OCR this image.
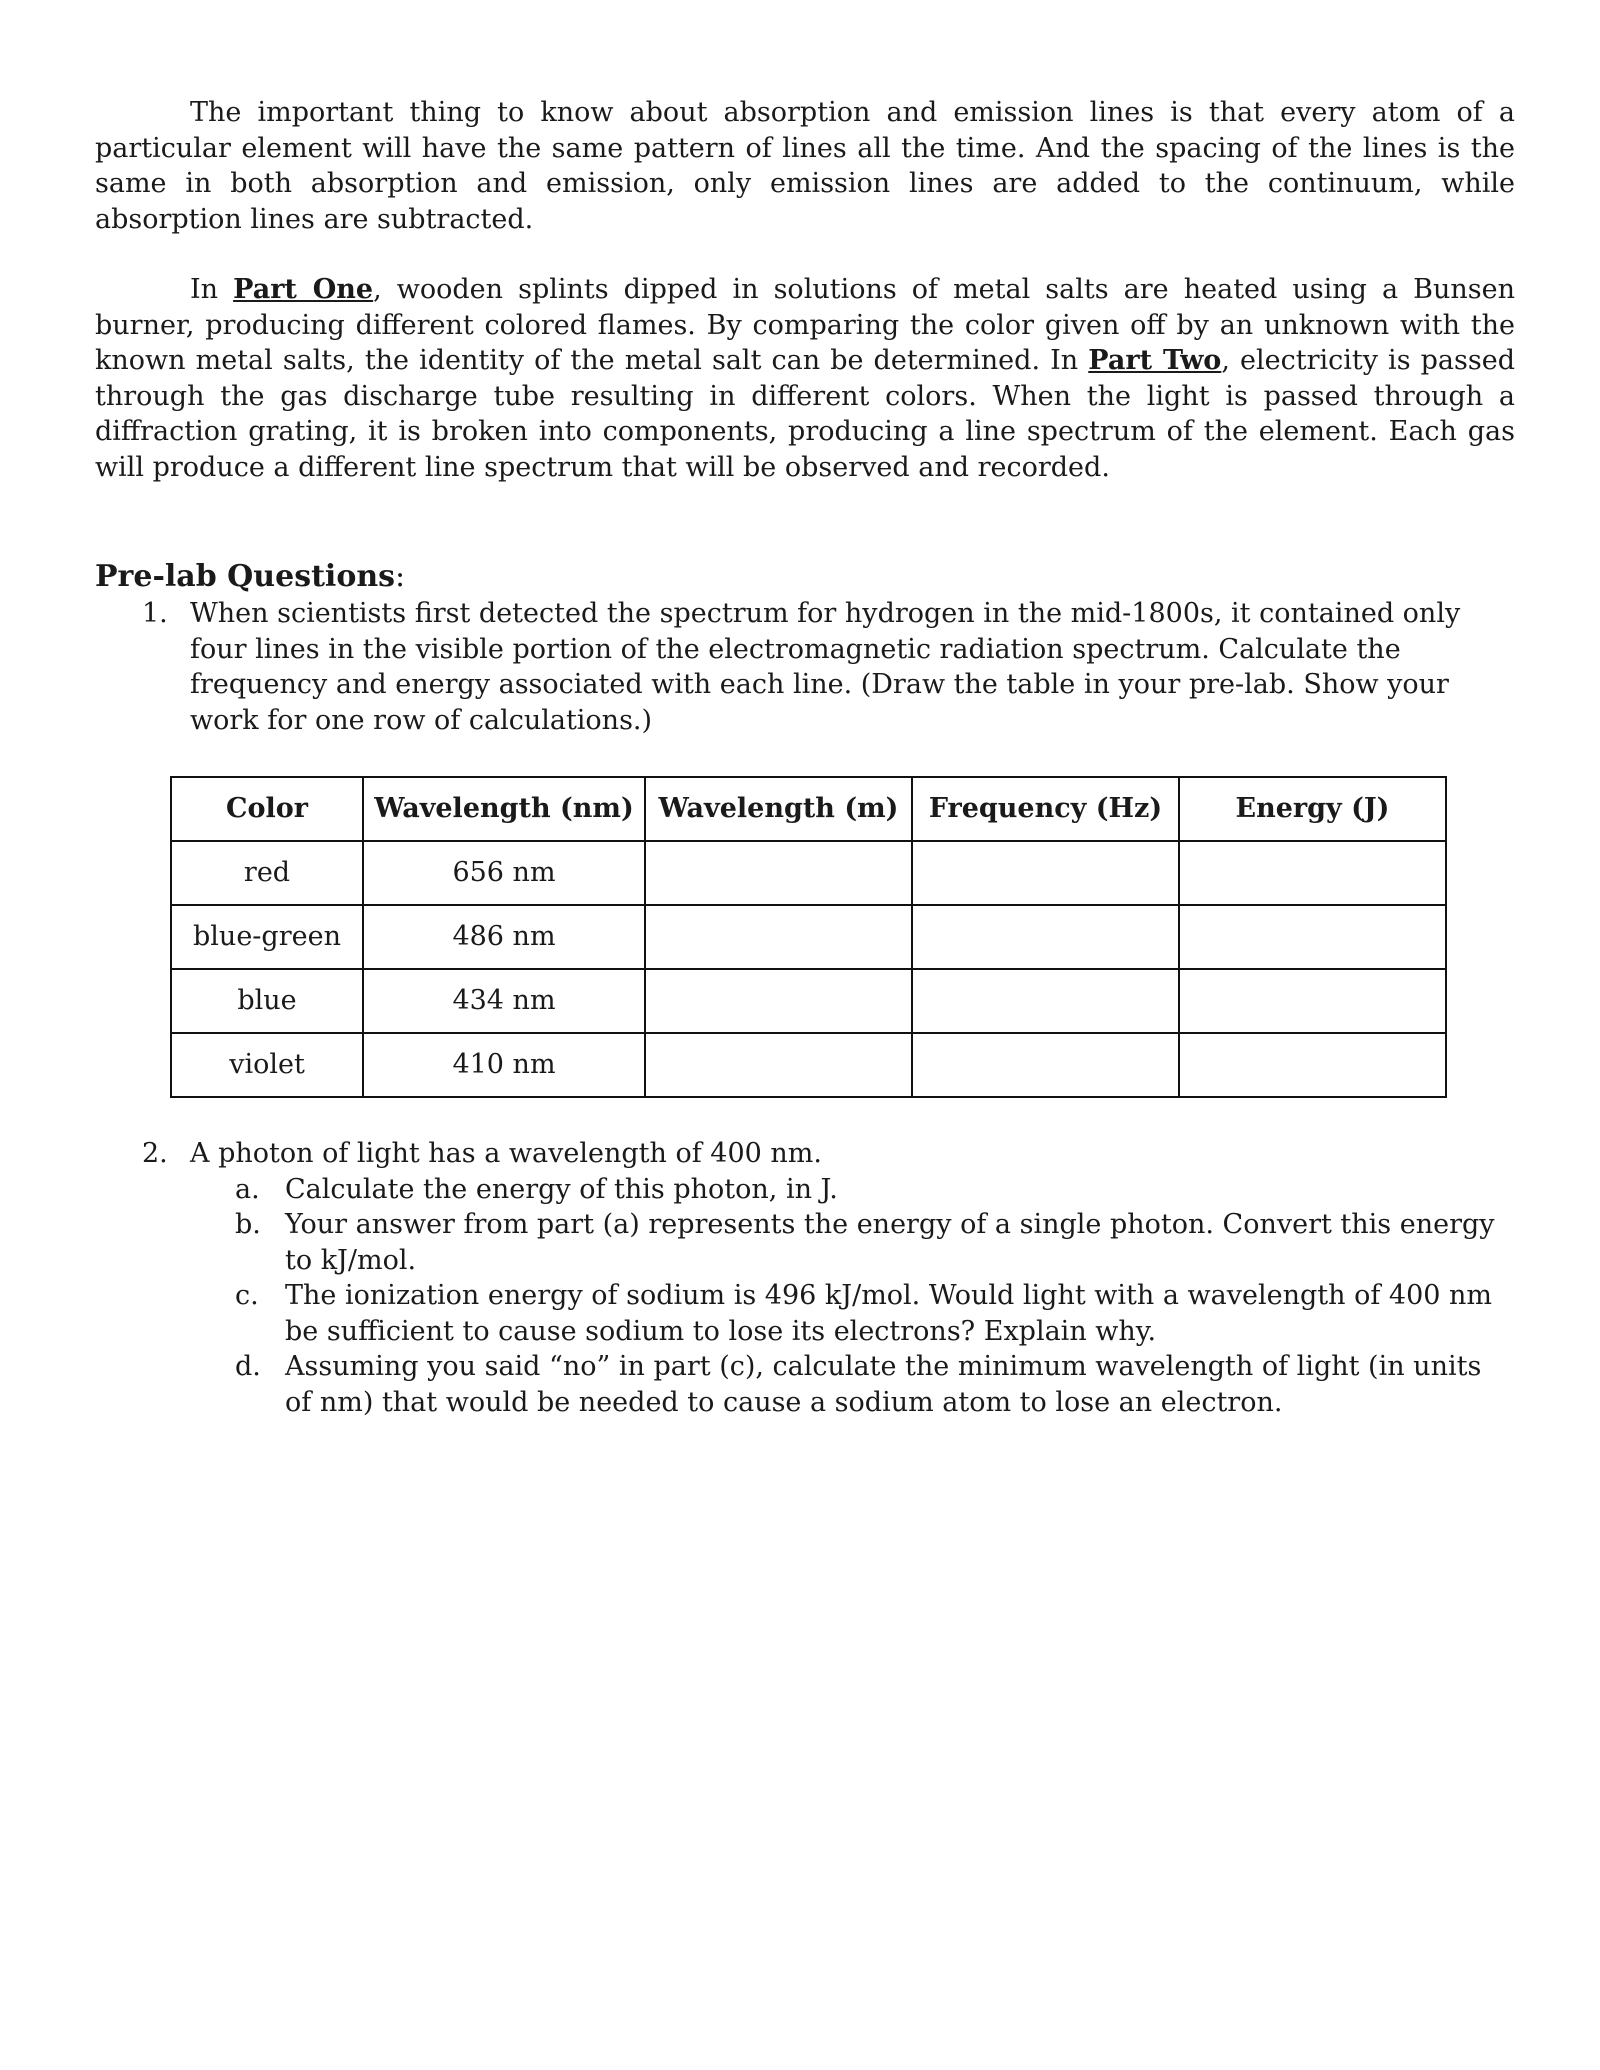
The important thing to know about absorption and emission lines is that every atom of a particular element will have the same pattern of lines all the time. And the spacing of the lines is the same in both absorption and emission, only emission lines are added to the continuum, while absorption lines are subtracted.

In Part One, wooden splints dipped in solutions of metal salts are heated using a Bunsen burner, producing different colored flames. By comparing the color given off by an unknown with the known metal salts, the identity of the metal salt can be determined. In Part Two, electricity is passed through the gas discharge tube resulting in different colors. When the light is passed through a diffraction grating, it is broken into components, producing a line spectrum of the element. Each gas will produce a different line spectrum that will be observed and recorded.

Pre-lab Questions:
1. When scientists first detected the spectrum for hydrogen in the mid-1800s, it contained only four lines in the visible portion of the electromagnetic radiation spectrum. Calculate the frequency and energy associated with each line. (Draw the table in your pre-lab. Show your work for one row of calculations.)
Color	Wavelength (nm)	Wavelength (m)	Frequency (Hz)	Energy (J)
red	656 nm			
blue-green	486 nm			
blue	434 nm			
violet	410 nm			
2. A photon of light has a wavelength of 400 nm.
a. Calculate the energy of this photon, in J.
b. Your answer from part (a) represents the energy of a single photon. Convert this energy to kJ/mol.
c. The ionization energy of sodium is 496 kJ/mol. Would light with a wavelength of 400 nm be sufficient to cause sodium to lose its electrons? Explain why.
d. Assuming you said “no” in part (c), calculate the minimum wavelength of light (in units of nm) that would be needed to cause a sodium atom to lose an electron.
